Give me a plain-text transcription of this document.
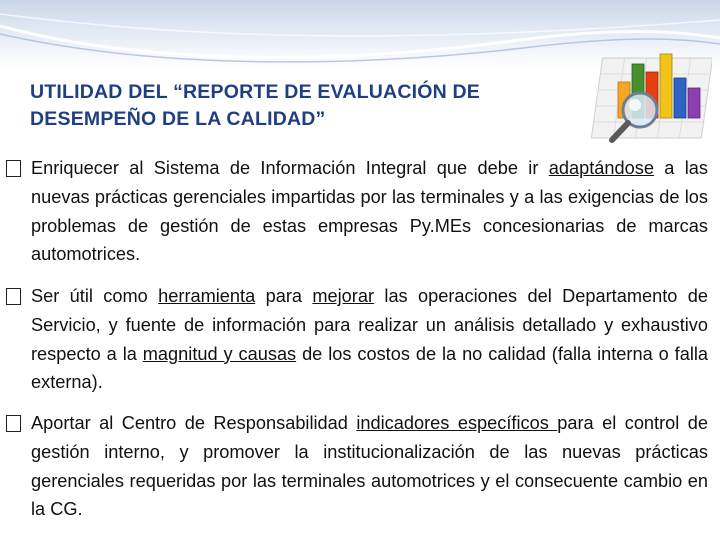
UTILIDAD DEL “REPORTE DE EVALUACIÓN DE
DESEMPEÑO DE LA CALIDAD”
Enriquecer al Sistema de Información Integral que debe ir adaptándose a las nuevas prácticas gerenciales impartidas por las terminales y a las exigencias de los problemas de gestión de estas empresas Py.MEs concesionarias de marcas automotrices.
Ser útil como herramienta para mejorar las operaciones del Departamento de Servicio, y fuente de información para realizar un análisis detallado y exhaustivo respecto a la magnitud y causas de los costos de la no calidad (falla interna o falla externa).
Aportar al Centro de Responsabilidad indicadores específicos para el control de gestión interno, y promover la institucionalización de las nuevas prácticas gerenciales requeridas por las terminales automotrices y el consecuente cambio en la CG.
